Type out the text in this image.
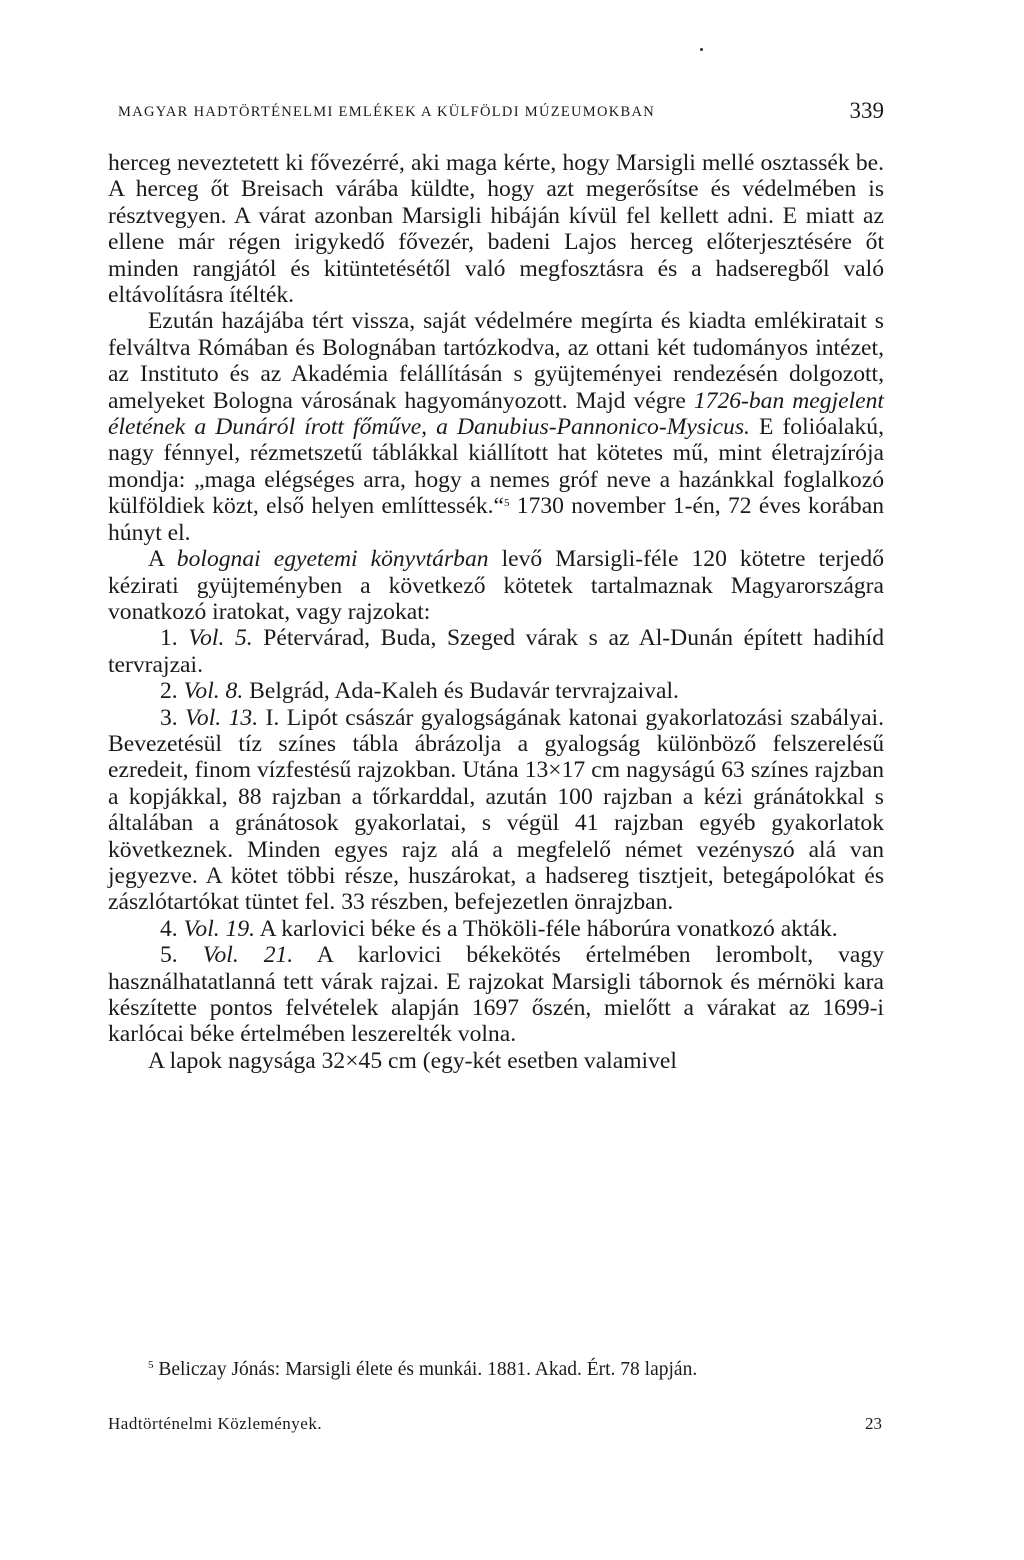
MAGYAR HADTÖRTÉNELMI EMLÉKEK A KÜLFÖLDI MÚZEUMOKBAN	339

herceg neveztetett ki fővezérré, aki maga kérte, hogy Marsigli mellé osztassék be. A herceg őt Breisach várába küldte, hogy azt megerősítse és védelmében is résztvegyen. A várat azonban Marsigli hibáján kívül fel kellett adni. E miatt az ellene már régen irigykedő fővezér, badeni Lajos herceg előterjesztésére őt minden rangjától és kitüntetésétől való megfosztásra és a hadseregből való eltávolításra ítélték.

Ezután hazájába tért vissza, saját védelmére megírta és kiadta emlékiratait s felváltva Rómában és Bolognában tartózkodva, az ottani két tudományos intézet, az Instituto és az Akadémia felállításán s gyüjteményei rendezésén dolgozott, amelyeket Bologna városának hagyományozott. Majd végre 1726-ban megjelent életének a Dunáról írott főműve, a Danubius-Pannonico-Mysicus. E folióalakú, nagy fénnyel, rézmetszetű táblákkal kiállított hat kötetes mű, mint életrajzírója mondja: „maga elégséges arra, hogy a nemes gróf neve a hazánkkal foglalkozó külföldiek közt, első helyen említtessék.“$^5$ 1730 november 1-én, 72 éves korában húnyt el.

A bolognai egyetemi könyvtárban levő Marsigli-féle 120 kötetre terjedő kézirati gyüjteményben a következő kötetek tartalmaznak Magyarországra vonatkozó iratokat, vagy rajzokat:

1. Vol. 5. Pétervárad, Buda, Szeged várak s az Al-Dunán épített hadihíd tervrajzai.

2. Vol. 8. Belgrád, Ada-Kaleh és Budavár tervrajzaival.

3. Vol. 13. I. Lipót császár gyalogságának katonai gyakorlatozási szabályai. Bevezetésül tíz színes tábla ábrázolja a gyalogság különböző felszerelésű ezredeit, finom vízfestésű rajzokban. Utána 13×17 cm nagyságú 63 színes rajzban a kopjákkal, 88 rajzban a tőrkarddal, azután 100 rajzban a kézi gránátokkal s általában a gránátosok gyakorlatai, s végül 41 rajzban egyéb gyakorlatok következnek. Minden egyes rajz alá a megfelelő német vezényszó alá van jegyezve. A kötet többi része, huszárokat, a hadsereg tisztjeit, betegápolókat és zászlótartókat tüntet fel. 33 részben, befejezetlen önrajzban.

4. Vol. 19. A karlovici béke és a Thököli-féle háborúra vonatkozó akták.

5. Vol. 21. A karlovici békekötés értelmében lerombolt, vagy használhatatlanná tett várak rajzai. E rajzokat Marsigli tábornok és mérnöki kara készítette pontos felvételek alapján 1697 őszén, mielőtt a várakat az 1699-i karlócai béke értelmében leszerelték volna.

A lapok nagysága 32×45 cm (egy-két esetben valamivel

$^5$ Beliczay Jónás: Marsigli élete és munkái. 1881. Akad. Ért. 78 lapján.

Hadtörténelmi Közlemények.	23
